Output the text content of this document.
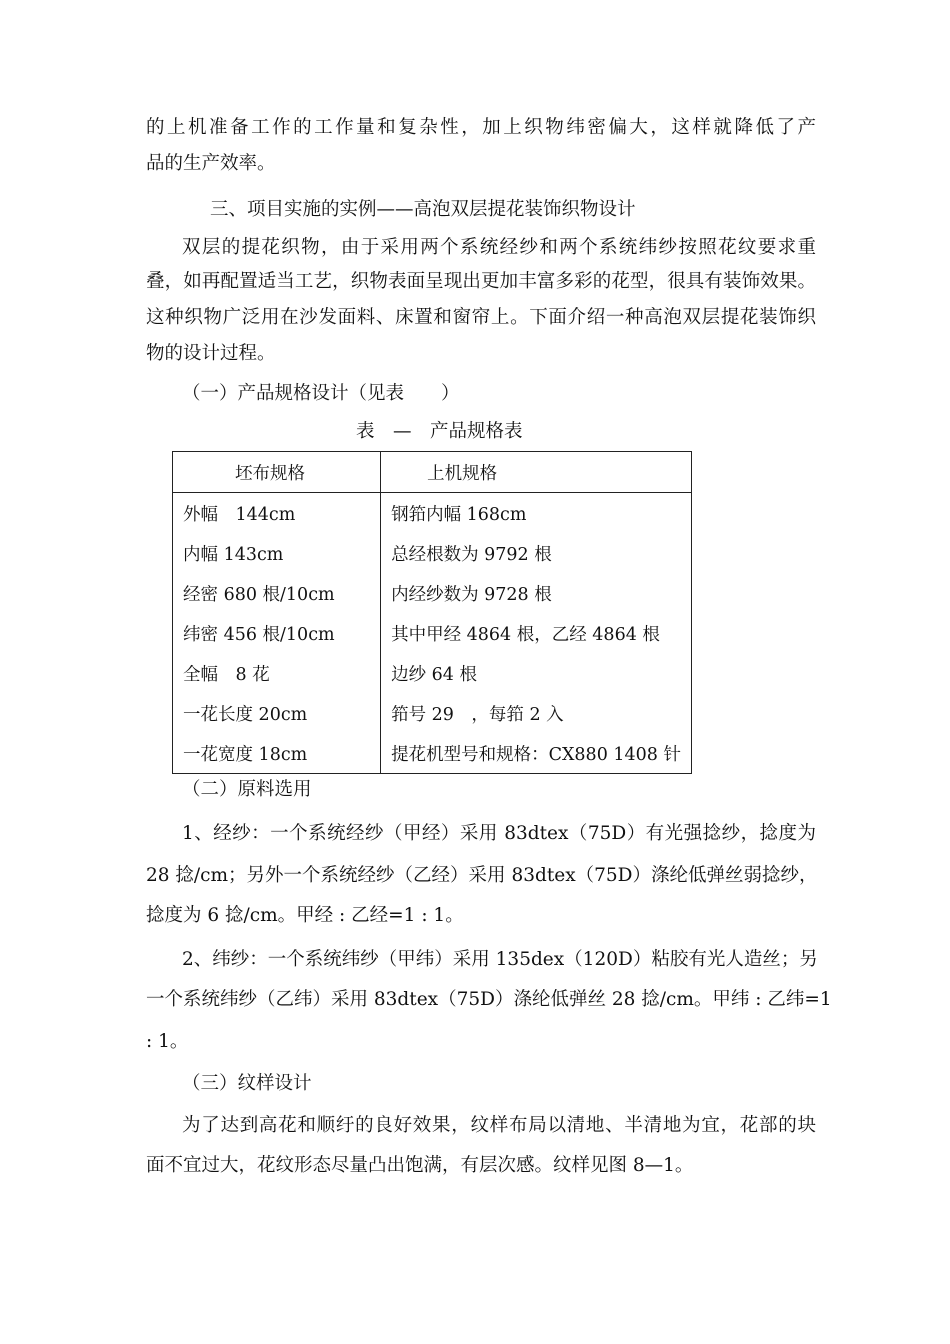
的上机准备工作的工作量和复杂性，加上织物纬密偏大，这样就降低了产
品的生产效率。
三、项目实施的实例——高泡双层提花装饰织物设计
双层的提花织物，由于采用两个系统经纱和两个系统纬纱按照花纹要求重
叠，如再配置适当工艺，织物表面呈现出更加丰富多彩的花型，很具有装饰效果。
这种织物广泛用在沙发面料、床置和窗帘上。下面介绍一种高泡双层提花装饰织
物的设计过程。
（一）产品规格设计（见表　　）
表　—　产品规格表
坯布规格	上机规格
外幅　144cm	钢筘内幅 168cm
内幅 143cm	总经根数为 9792 根
经密 680 根/10cm	内经纱数为 9728 根
纬密 456 根/10cm	其中甲经 4864 根，乙经 4864 根
全幅　8 花	边纱 64 根
一花长度 20cm	筘号 29　，每筘 2 入
一花宽度 18cm	提花机型号和规格：CX880 1408 针
（二）原料选用
1、经纱：一个系统经纱（甲经）采用 83dtex（75D）有光强捻纱，捻度为
28 捻/cm；另外一个系统经纱（乙经）采用 83dtex（75D）涤纶低弹丝弱捻纱，
捻度为 6 捻/cm。甲经 : 乙经=1 : 1。
2、纬纱：一个系统纬纱（甲纬）采用 135dex（120D）粘胶有光人造丝；另
一个系统纬纱（乙纬）采用 83dtex（75D）涤纶低弹丝 28 捻/cm。甲纬 : 乙纬=1
: 1。
（三）纹样设计
为了达到高花和顺纡的良好效果，纹样布局以清地、半清地为宜，花部的块
面不宜过大，花纹形态尽量凸出饱满，有层次感。纹样见图 8—1。
